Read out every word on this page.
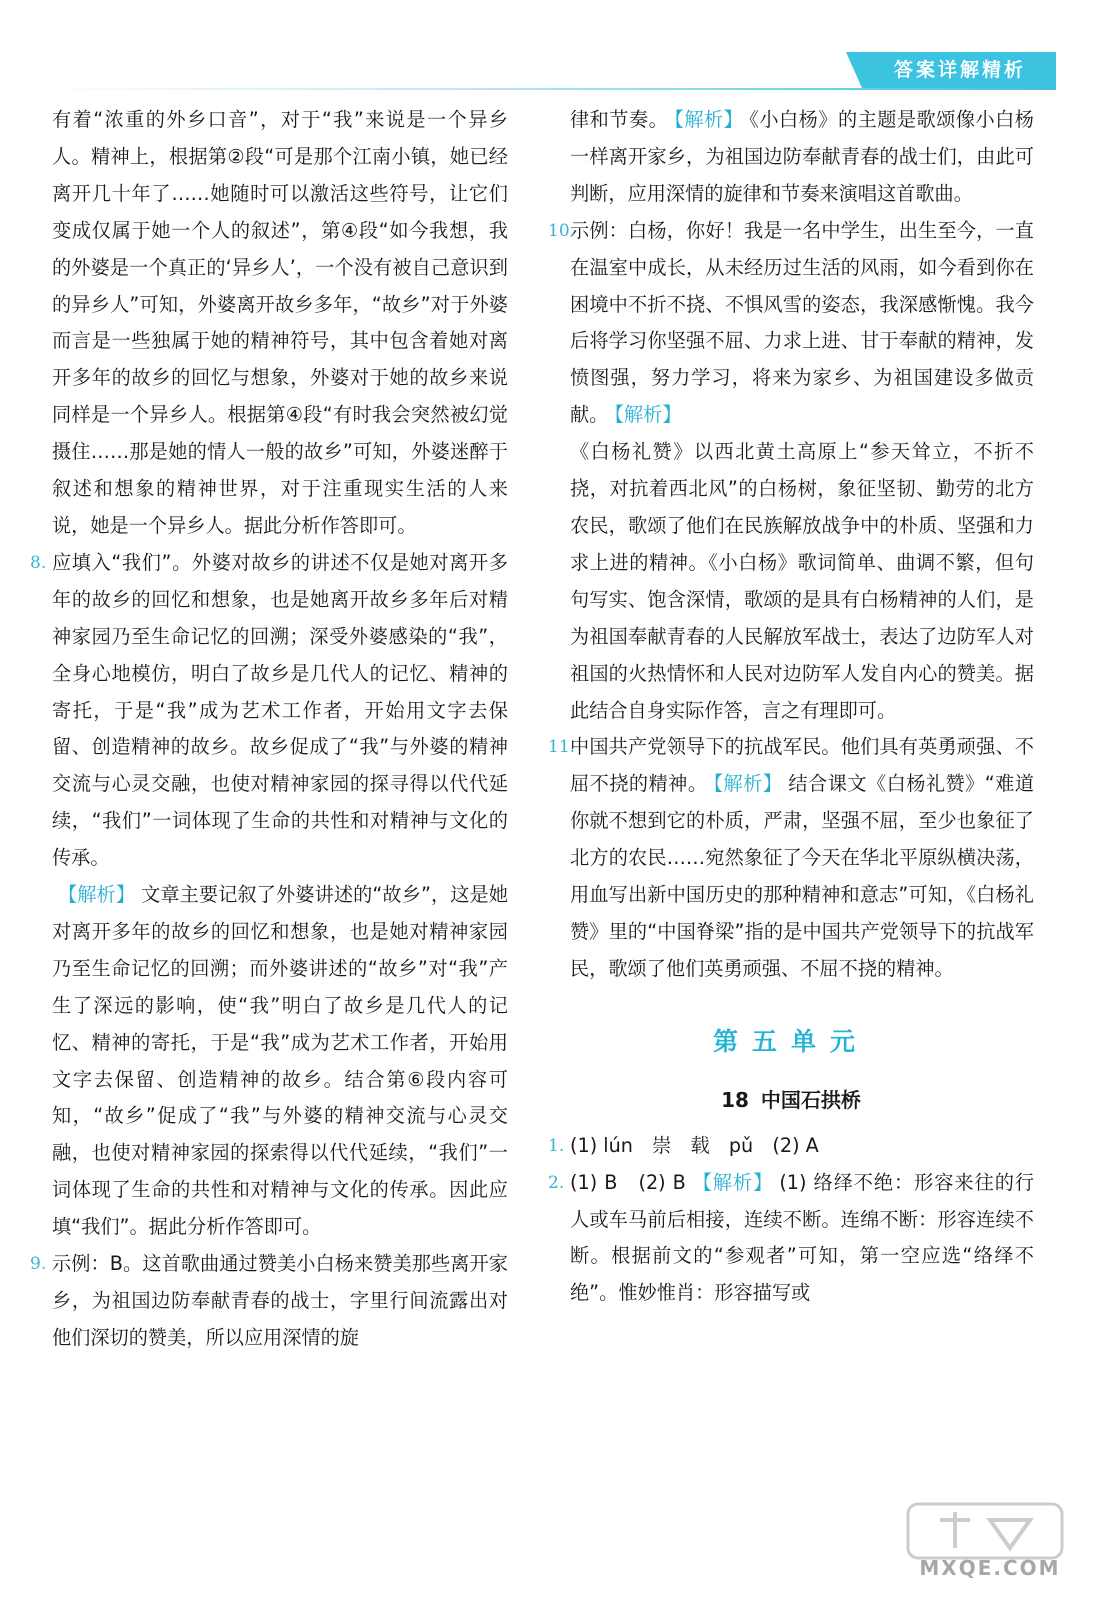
答案详解精析

有着“浓重的外乡口音”，对于“我”来说是一个异乡人。精神上，根据第②段“可是那个江南小镇，她已经离开几十年了……她随时可以激活这些符号，让它们变成仅属于她一个人的叙述”，第④段“如今我想，我的外婆是一个真正的‘异乡人’，一个没有被自己意识到的异乡人”可知，外婆离开故乡多年，“故乡”对于外婆而言是一些独属于她的精神符号，其中包含着她对离开多年的故乡的回忆与想象，外婆对于她的故乡来说同样是一个异乡人。根据第④段“有时我会突然被幻觉摄住……那是她的情人一般的故乡”可知，外婆迷醉于叙述和想象的精神世界，对于注重现实生活的人来说，她是一个异乡人。据此分析作答即可。

8. 应填入“我们”。外婆对故乡的讲述不仅是她对离开多年的故乡的回忆和想象，也是她离开故乡多年后对精神家园乃至生命记忆的回溯；深受外婆感染的“我”，全身心地模仿，明白了故乡是几代人的记忆、精神的寄托，于是“我”成为艺术工作者，开始用文字去保留、创造精神的故乡。故乡促成了“我”与外婆的精神交流与心灵交融，也使对精神家园的探寻得以代代延续，“我们”一词体现了生命的共性和对精神与文化的传承。

【解析】 文章主要记叙了外婆讲述的“故乡”，这是她对离开多年的故乡的回忆和想象，也是她对精神家园乃至生命记忆的回溯；而外婆讲述的“故乡”对“我”产生了深远的影响，使“我”明白了故乡是几代人的记忆、精神的寄托，于是“我”成为艺术工作者，开始用文字去保留、创造精神的故乡。结合第⑥段内容可知，“故乡”促成了“我”与外婆的精神交流与心灵交融，也使对精神家园的探索得以代代延续，“我们”一词体现了生命的共性和对精神与文化的传承。因此应填“我们”。据此分析作答即可。

9. 示例：B。这首歌曲通过赞美小白杨来赞美那些离开家乡，为祖国边防奉献青春的战士，字里行间流露出对他们深切的赞美，所以应用深情的旋

律和节奏。 【解析】 《小白杨》的主题是歌颂像小白杨一样离开家乡，为祖国边防奉献青春的战士们，由此可判断，应用深情的旋律和节奏来演唱这首歌曲。

10.
示例：白杨，你好！我是一名中学生，出生至今，一直在温室中成长，从未经历过生活的风雨，如今看到你在困境中不折不挠、不惧风雪的姿态，我深感惭愧。我今后将学习你坚强不屈、力求上进、甘于奉献的精神，发愤图强，努力学习，将来为家乡、为祖国建设多做贡献。 【解析】

《白杨礼赞》以西北黄土高原上“参天耸立，不折不挠，对抗着西北风”的白杨树，象征坚韧、勤劳的北方农民，歌颂了他们在民族解放战争中的朴质、坚强和力求上进的精神。《小白杨》歌词简单、曲调不繁，但句句写实、饱含深情，歌颂的是具有白杨精神的人们，是为祖国奉献青春的人民解放军战士，表达了边防军人对祖国的火热情怀和人民对边防军人发自内心的赞美。据此结合自身实际作答，言之有理即可。

11.
中国共产党领导下的抗战军民。他们具有英勇顽强、不屈不挠的精神。 【解析】 结合课文《白杨礼赞》“难道你就不想到它的朴质，严肃，坚强不屈，至少也象征了北方的农民……宛然象征了今天在华北平原纵横决荡，用血写出新中国历史的那种精神和意志”可知，《白杨礼赞》里的“中国脊梁”指的是中国共产党领导下的抗战军民，歌颂了他们英勇顽强、不屈不挠的精神。

第五单元
18 中国石拱桥

1. (1) lún　崇　载　pǔ　(2) A

2. (1) B　(2) B 【解析】 (1) 络绎不绝：形容来往的行人或车马前后相接，连续不断。连绵不断：形容连续不断。根据前文的“参观者”可知，第一空应选“络绎不绝”。惟妙惟肖：形容描写或

MXQE.COM
